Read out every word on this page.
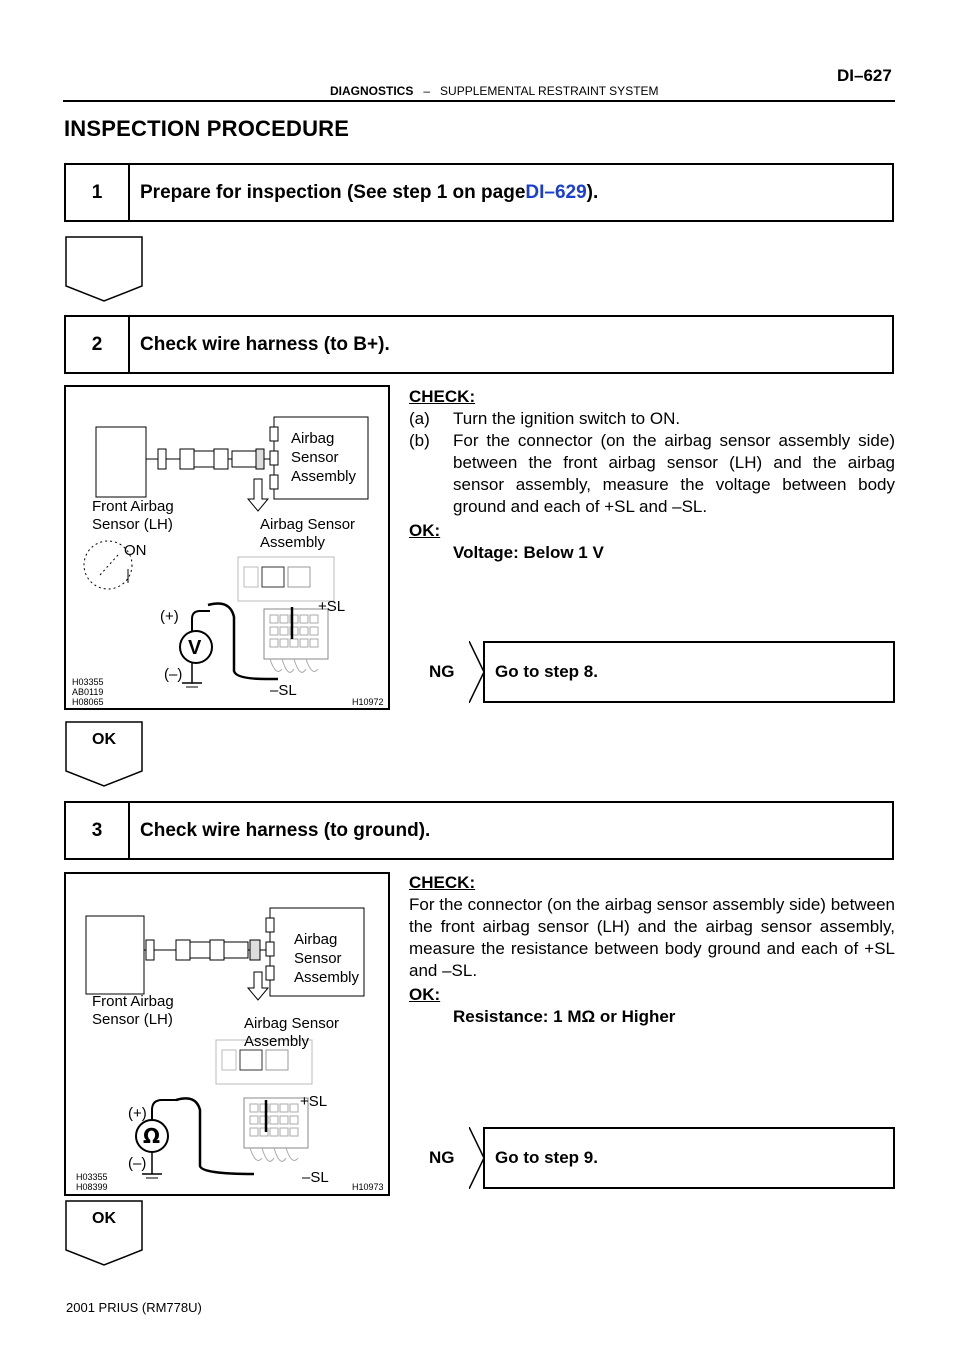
DI–627
DIAGNOSTICS – SUPPLEMENTAL RESTRAINT SYSTEM
INSPECTION PROCEDURE
1	Prepare for inspection (See step 1 on page DI–629 ).
2	Check wire harness (to B+).
Airbag
Sensor
Assembly
Front Airbag
Sensor (LH)	Airbag Sensor
Assembly
ON
(+)
(–)
V
+SL
–SL
H03355
AB0119
H08065	H10972
CHECK:
(a)	Turn the ignition switch to ON.
(b)	For the connector (on the airbag sensor assembly side) between the front airbag sensor (LH) and the airbag sensor assembly, measure the voltage between body ground and each of +SL and –SL.
OK:
Voltage: Below 1 V
NG	Go to step 8.
OK
3	Check wire harness (to ground).
Airbag
Sensor
Assembly
Front Airbag
Sensor (LH)	Airbag Sensor
Assembly
(+)
(–)
Ω
+SL
–SL
H03355
H08399	H10973
CHECK:
For the connector (on the airbag sensor assembly side) between the front airbag sensor (LH) and the airbag sensor assembly, measure the resistance between body ground and each of +SL and –SL.
OK:
Resistance: 1 MΩ or Higher
NG	Go to step 9.
OK
2001 PRIUS (RM778U)
